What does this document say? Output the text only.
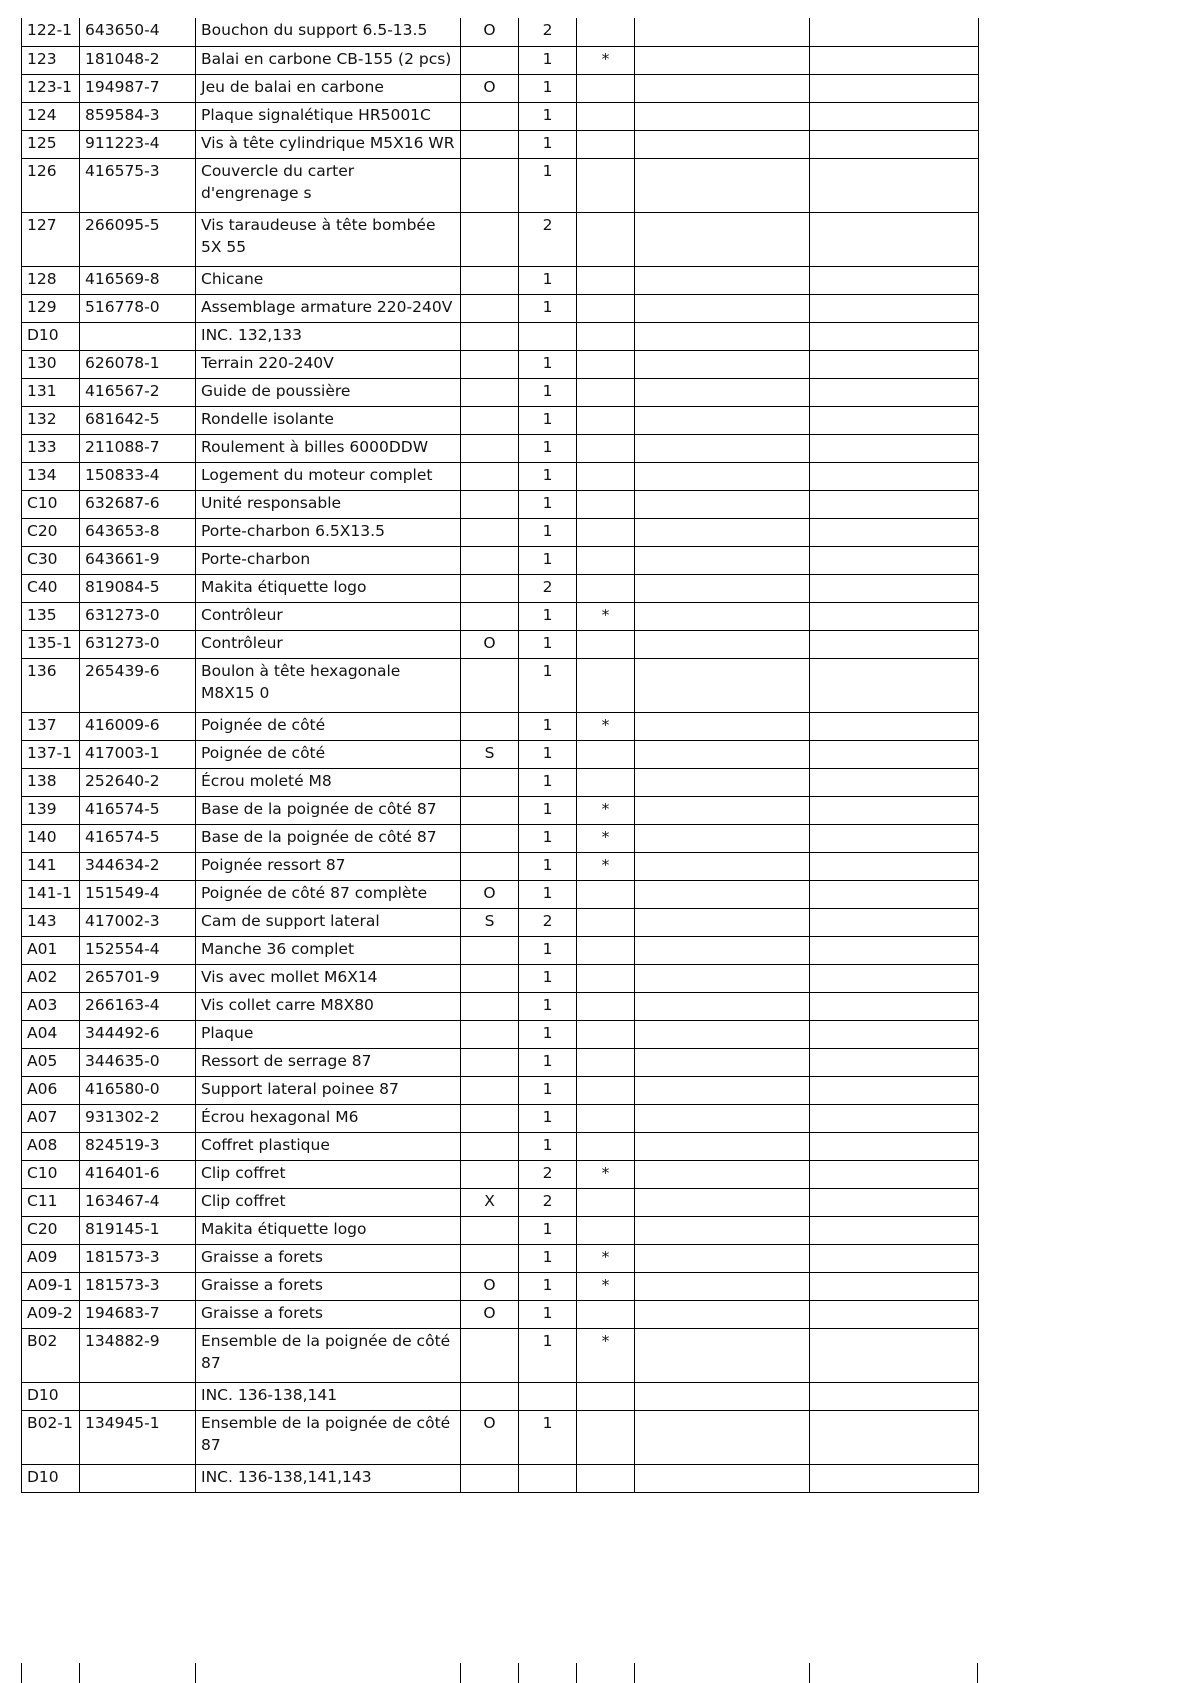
122-1	643650-4	Bouchon du support 6.5-13.5	O	2			
123	181048-2	Balai en carbone CB-155 (2 pcs)		1	*		
123-1	194987-7	Jeu de balai en carbone	O	1			
124	859584-3	Plaque signalétique HR5001C		1			
125	911223-4	Vis à tête cylindrique M5X16 WR		1			
126	416575-3	Couvercle du carter d'engrenage s		1			
127	266095-5	Vis taraudeuse à tête bombée 5X 55		2			
128	416569-8	Chicane		1			
129	516778-0	Assemblage armature 220-240V		1			
D10		INC. 132,133					
130	626078-1	Terrain 220-240V		1			
131	416567-2	Guide de poussière		1			
132	681642-5	Rondelle isolante		1			
133	211088-7	Roulement à billes 6000DDW		1			
134	150833-4	Logement du moteur complet		1			
C10	632687-6	Unité responsable		1			
C20	643653-8	Porte-charbon 6.5X13.5		1			
C30	643661-9	Porte-charbon		1			
C40	819084-5	Makita étiquette logo		2			
135	631273-0	Contrôleur		1	*		
135-1	631273-0	Contrôleur	O	1			
136	265439-6	Boulon à tête hexagonale M8X15 0		1			
137	416009-6	Poignée de côté		1	*		
137-1	417003-1	Poignée de côté	S	1			
138	252640-2	Écrou moleté M8		1			
139	416574-5	Base de la poignée de côté 87		1	*		
140	416574-5	Base de la poignée de côté 87		1	*		
141	344634-2	Poignée ressort 87		1	*		
141-1	151549-4	Poignée de côté 87 complète	O	1			
143	417002-3	Cam de support lateral	S	2			
A01	152554-4	Manche 36 complet		1			
A02	265701-9	Vis avec mollet M6X14		1			
A03	266163-4	Vis collet carre M8X80		1			
A04	344492-6	Plaque		1			
A05	344635-0	Ressort de serrage 87		1			
A06	416580-0	Support lateral poinee 87		1			
A07	931302-2	Écrou hexagonal M6		1			
A08	824519-3	Coffret plastique		1			
C10	416401-6	Clip coffret		2	*		
C11	163467-4	Clip coffret	X	2			
C20	819145-1	Makita étiquette logo		1			
A09	181573-3	Graisse a forets		1	*		
A09-1	181573-3	Graisse a forets	O	1	*		
A09-2	194683-7	Graisse a forets	O	1			
B02	134882-9	Ensemble de la poignée de côté 87		1	*		
D10		INC. 136-138,141					
B02-1	134945-1	Ensemble de la poignée de côté 87	O	1			
D10		INC. 136-138,141,143					
